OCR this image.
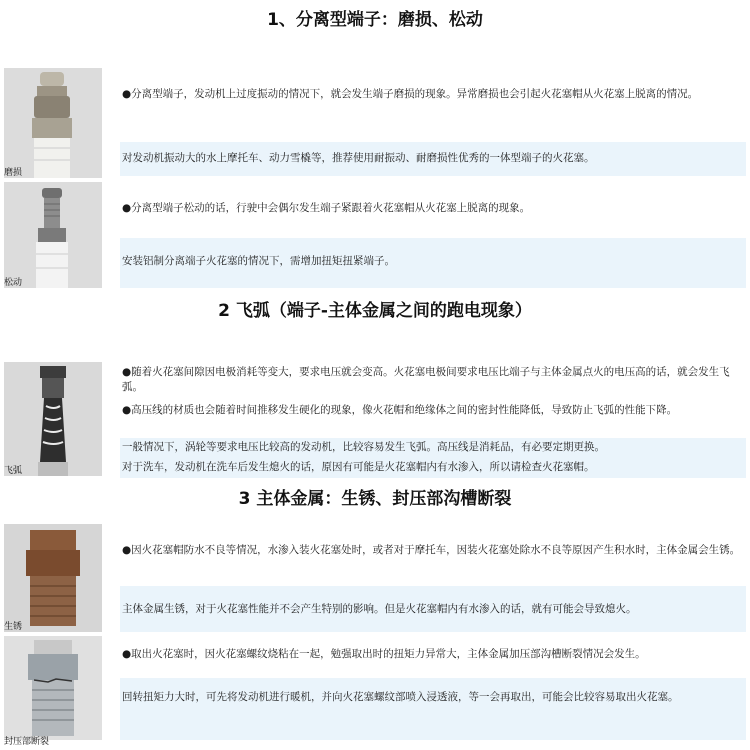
1、分离型端子：磨损、松动
磨损
●分离型端子，发动机上过度振动的情况下，就会发生端子磨损的现象。异常磨损也会引起火花塞帽从火花塞上脱离的情况。
对发动机振动大的水上摩托车、动力雪橇等，推荐使用耐振动、耐磨损性优秀的一体型端子的火花塞。
松动
●分离型端子松动的话，行驶中会偶尔发生端子紧跟着火花塞帽从火花塞上脱离的现象。
安装铝制分离端子火花塞的情况下，需增加扭矩扭紧端子。
2 飞弧（端子-主体金属之间的跑电现象）
飞弧
●随着火花塞间隙因电极消耗等变大，要求电压就会变高。火花塞电极间要求电压比端子与主体金属点火的电压高的话，就会发生飞弧。
●高压线的材质也会随着时间推移发生硬化的现象，像火花帽和绝缘体之间的密封性能降低，导致防止飞弧的性能下降。
一般情况下，涡轮等要求电压比较高的发动机，比较容易发生飞弧。高压线是消耗品，有必要定期更换。
对于洗车，发动机在洗车后发生熄火的话，原因有可能是火花塞帽内有水渗入，所以请检查火花塞帽。
3 主体金属：生锈、封压部沟槽断裂
生锈
●因火花塞帽防水不良等情况，水渗入装火花塞处时，或者对于摩托车，因装火花塞处除水不良等原因产生积水时，主体金属会生锈。
主体金属生锈，对于火花塞性能并不会产生特别的影响。但是火花塞帽内有水渗入的话，就有可能会导致熄火。
封压部断裂
●取出火花塞时，因火花塞螺纹烧粘在一起，勉强取出时的扭矩力异常大，主体金属加压部沟槽断裂情况会发生。
回转扭矩力大时，可先将发动机进行暖机，并向火花塞螺纹部喷入浸透液，等一会再取出，可能会比较容易取出火花塞。
